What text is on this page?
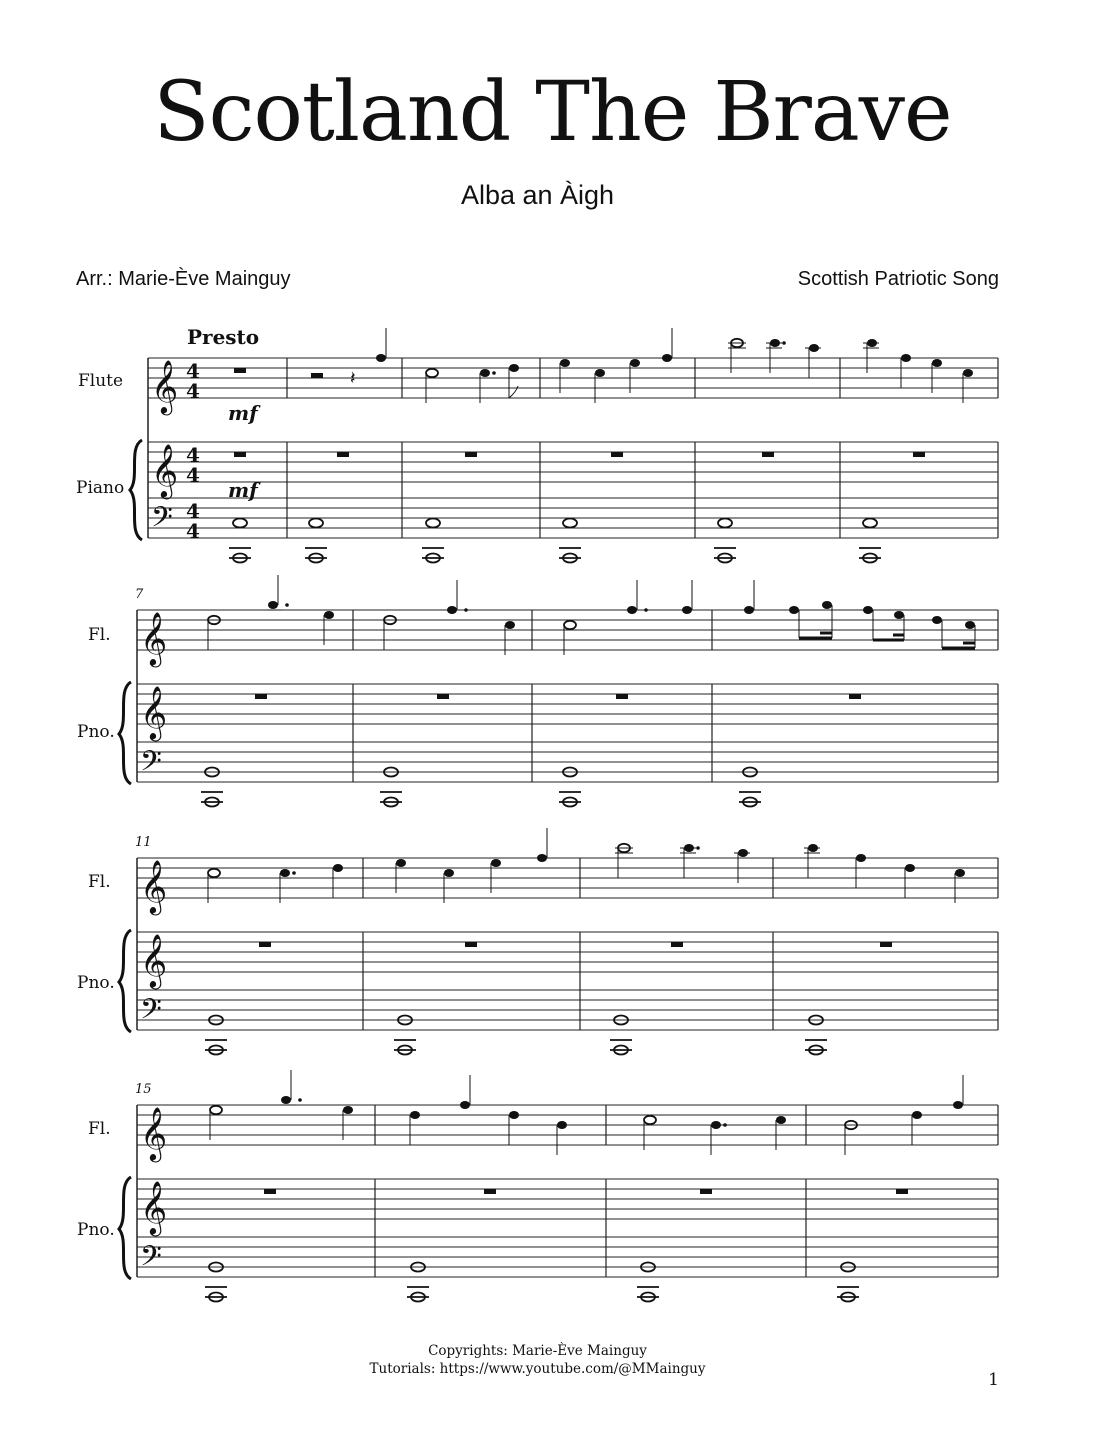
Scotland The Brave
Alba an Àigh
Arr.: Marie-Ève Mainguy	Scottish Patriotic Song
Presto
Flute
Piano
𝄞
𝄞
𝄢
4
4
4
4
4
4
mf
mf
𝄽
7
Fl.
Pno.
𝄞
𝄞
𝄢
11
Fl.
Pno.
𝄞
𝄞
𝄢
15
Fl.
Pno.
𝄞
𝄞
𝄢
Copyrights: Marie-Ève Mainguy
Tutorials: https://www.youtube.com/@MMainguy
1
